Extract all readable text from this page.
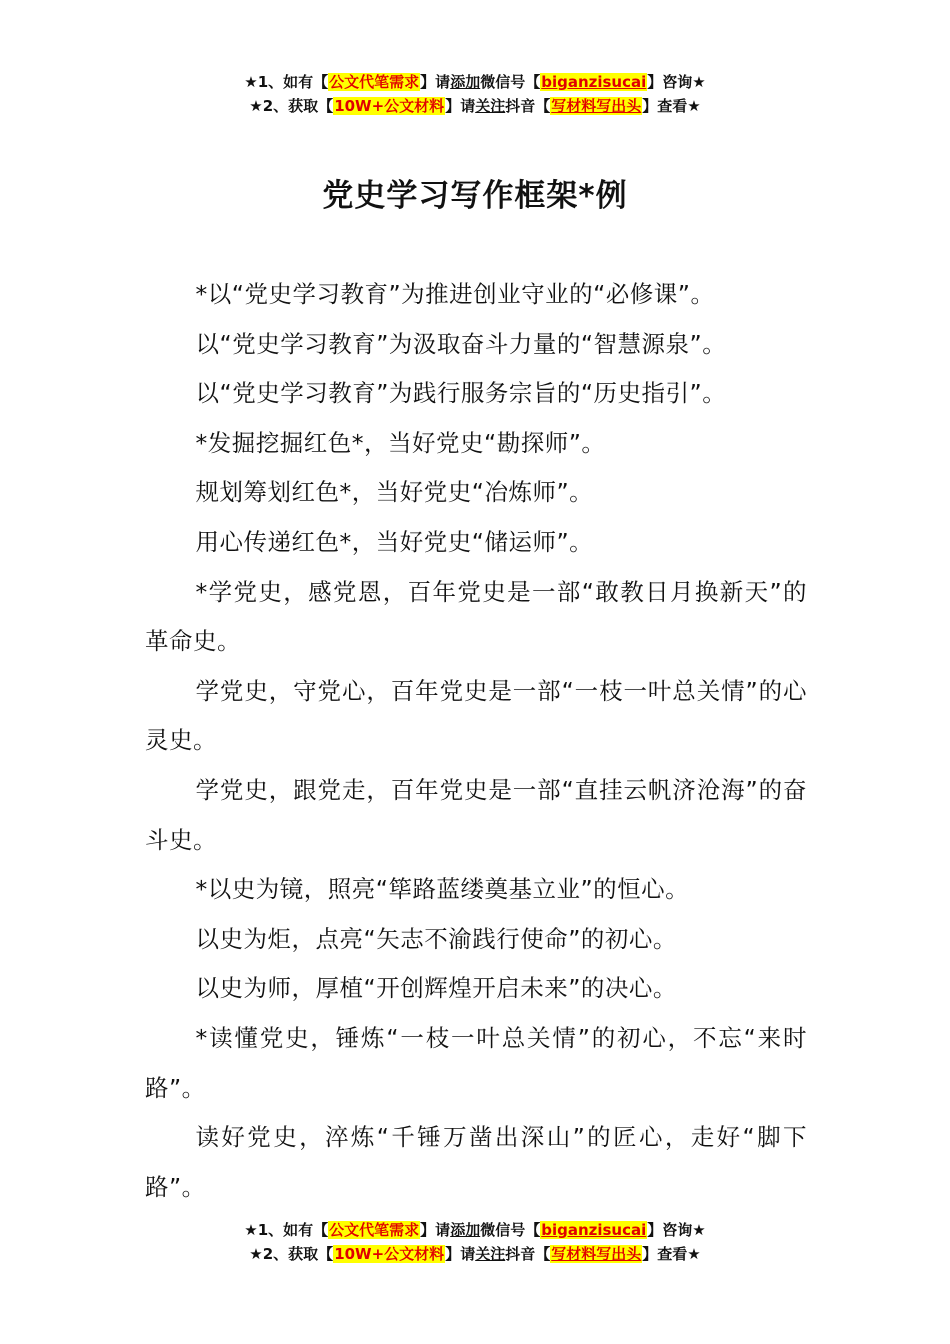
★1、如有【公文代笔需求】请添加微信号【biganzisucai】咨询★
★2、获取【10W+公文材料】请关注抖音【写材料写出头】查看★
党史学习写作框架*例

*以“党史学习教育”为推进创业守业的“必修课”。

以“党史学习教育”为汲取奋斗力量的“智慧源泉”。

以“党史学习教育”为践行服务宗旨的“历史指引”。

*发掘挖掘红色*，当好党史“勘探师”。

规划筹划红色*，当好党史“冶炼师”。

用心传递红色*，当好党史“储运师”。

*学党史，感党恩，百年党史是一部“敢教日月换新天”的革命史。

学党史，守党心，百年党史是一部“一枝一叶总关情”的心灵史。

学党史，跟党走，百年党史是一部“直挂云帆济沧海”的奋斗史。

*以史为镜，照亮“筚路蓝缕奠基立业”的恒心。

以史为炬，点亮“矢志不渝践行使命”的初心。

以史为师，厚植“开创辉煌开启未来”的决心。

*读懂党史，锤炼“一枝一叶总关情”的初心，不忘“来时路”。

读好党史，淬炼“千锤万凿出深山”的匠心，走好“脚下路”。

★1、如有【公文代笔需求】请添加微信号【biganzisucai】咨询★
★2、获取【10W+公文材料】请关注抖音【写材料写出头】查看★
